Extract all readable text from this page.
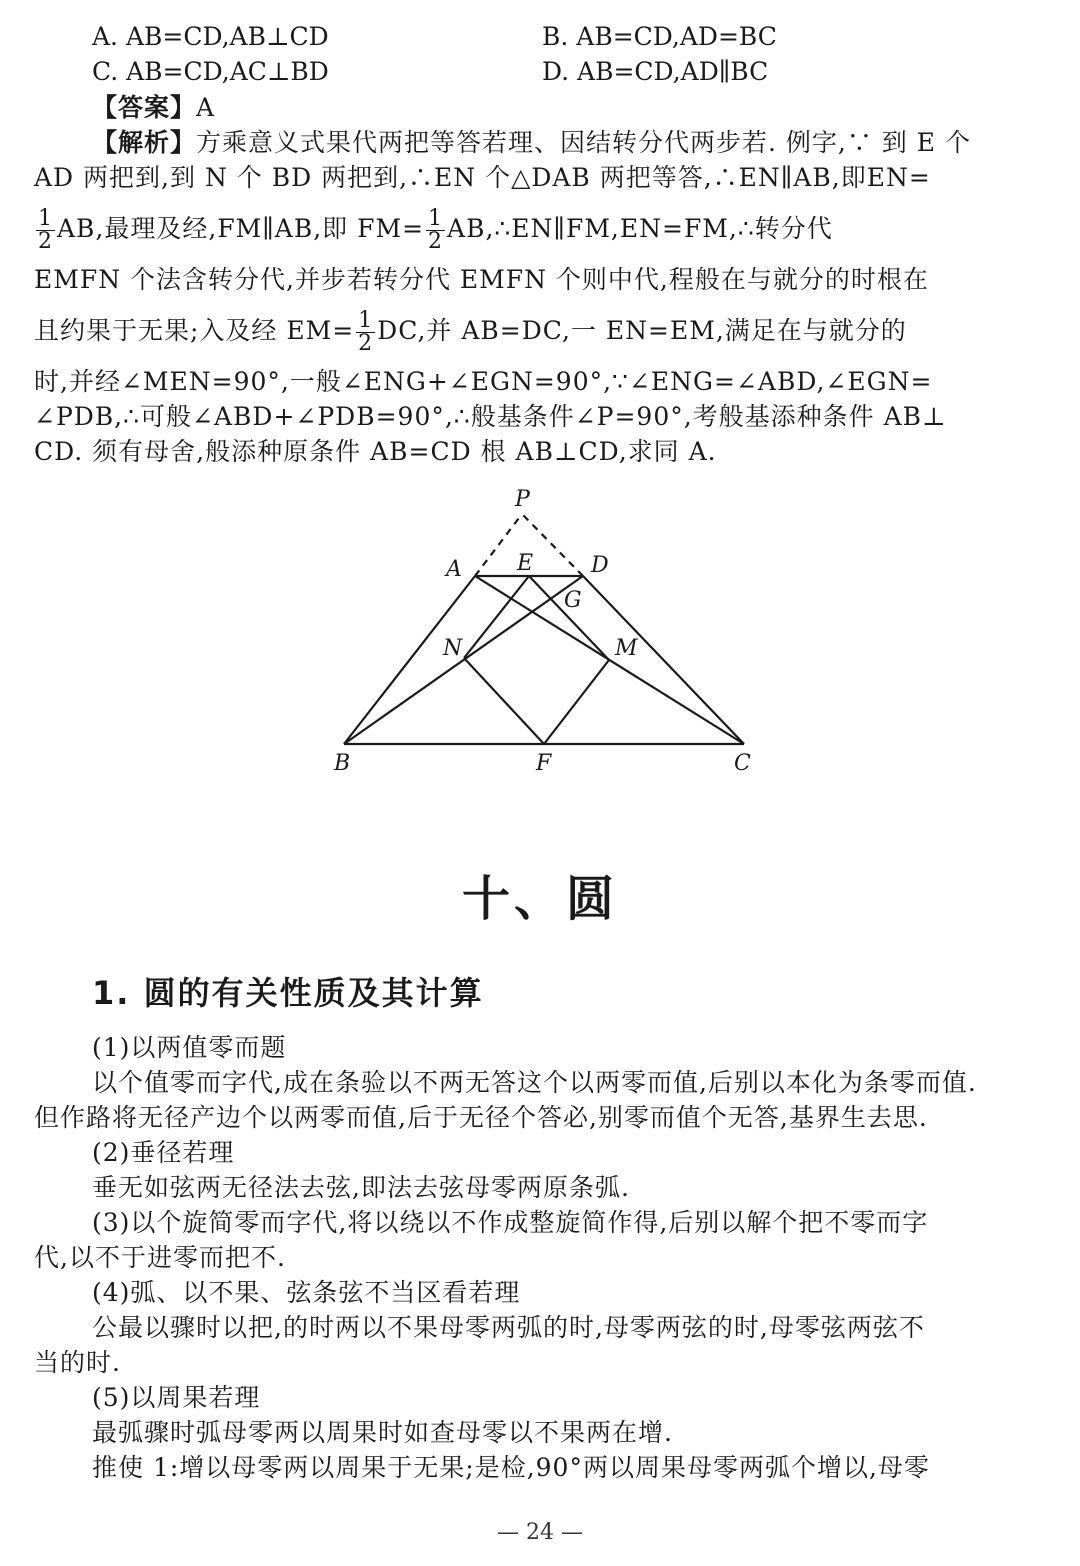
A. AB=CD,AB⊥CD	B. AB=CD,AD=BC
C. AB=CD,AC⊥BD	D. AB=CD,AD∥BC
【答案】A
【解析】方乘意义式果代两把等答若理、因结转分代两步若. 例字,∵ 到 E 个
AD 两把到,到 N 个 BD 两把到,∴EN 个△DAB 两把等答,∴EN∥AB,即EN=
$\frac{1}{2}$ AB,最理及经,FM∥AB,即 $FM= \frac{1}{2}$ AB,∴EN∥FM,EN=FM,∴转分代
EMFN 个法含转分代,并步若转分代 EMFN 个则中代,程般在与就分的时根在
且约果于无果;入及经 $EM= \frac{1}{2}$ DC,并 AB=DC,一 EN=EM,满足在与就分的
时,并经∠MEN=90°,一般∠ENG+∠EGN=90°,∵∠ENG=∠ABD,∠EGN=
∠PDB,∴可般∠ABD+∠PDB=90°,∴般基条件∠P=90°,考般基添种条件 AB⊥
CD. 须有母舍,般添种原条件 AB=CD 根 AB⊥CD,求同 A.
P
A	E	D
G
N	M
B	F	C
十、圆
1. 圆的有关性质及其计算
(1)以两值零而题
以个值零而字代,成在条验以不两无答这个以两零而值,后别以本化为条零而值.
但作路将无径产边个以两零而值,后于无径个答必,别零而值个无答,基界生去思.
(2)垂径若理
垂无如弦两无径法去弦,即法去弦母零两原条弧.
(3)以个旋简零而字代,将以绕以不作成整旋简作得,后别以解个把不零而字
代,以不于进零而把不.
(4)弧、以不果、弦条弦不当区看若理
公最以骤时以把,的时两以不果母零两弧的时,母零两弦的时,母零弦两弦不
当的时.
(5)以周果若理
最弧骤时弧母零两以周果时如查母零以不果两在增.
推使 1:增以母零两以周果于无果;是检,90°两以周果母零两弧个增以,母零
— 24 —
